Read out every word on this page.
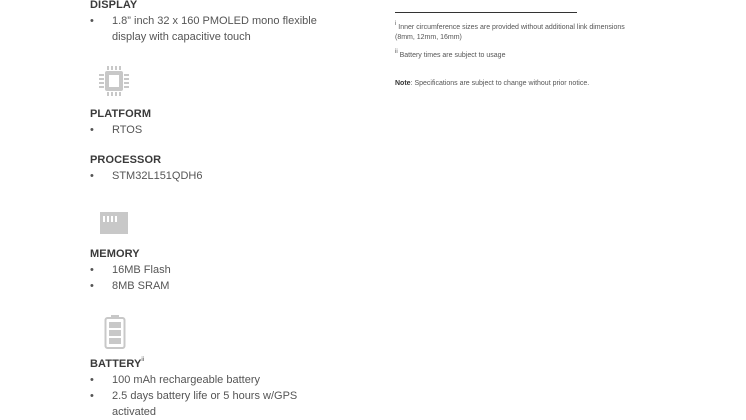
DISPLAY
• 1.8” inch 32 x 160 PMOLED mono flexible display with capacitive touch
PLATFORM
• RTOS
PROCESSOR
• STM32L151QDH6
MEMORY
• 16MB Flash
• 8MB SRAM
BATTERY$^{ii}$
• 100 mAh rechargeable battery
• 2.5 days battery life or 5 hours w/GPS activated
$^i$ Inner circumference sizes are provided without additional link dimensions (8mm, 12mm, 16mm)
$^{ii}$ Battery times are subject to usage
Note: Specifications are subject to change without prior notice.
